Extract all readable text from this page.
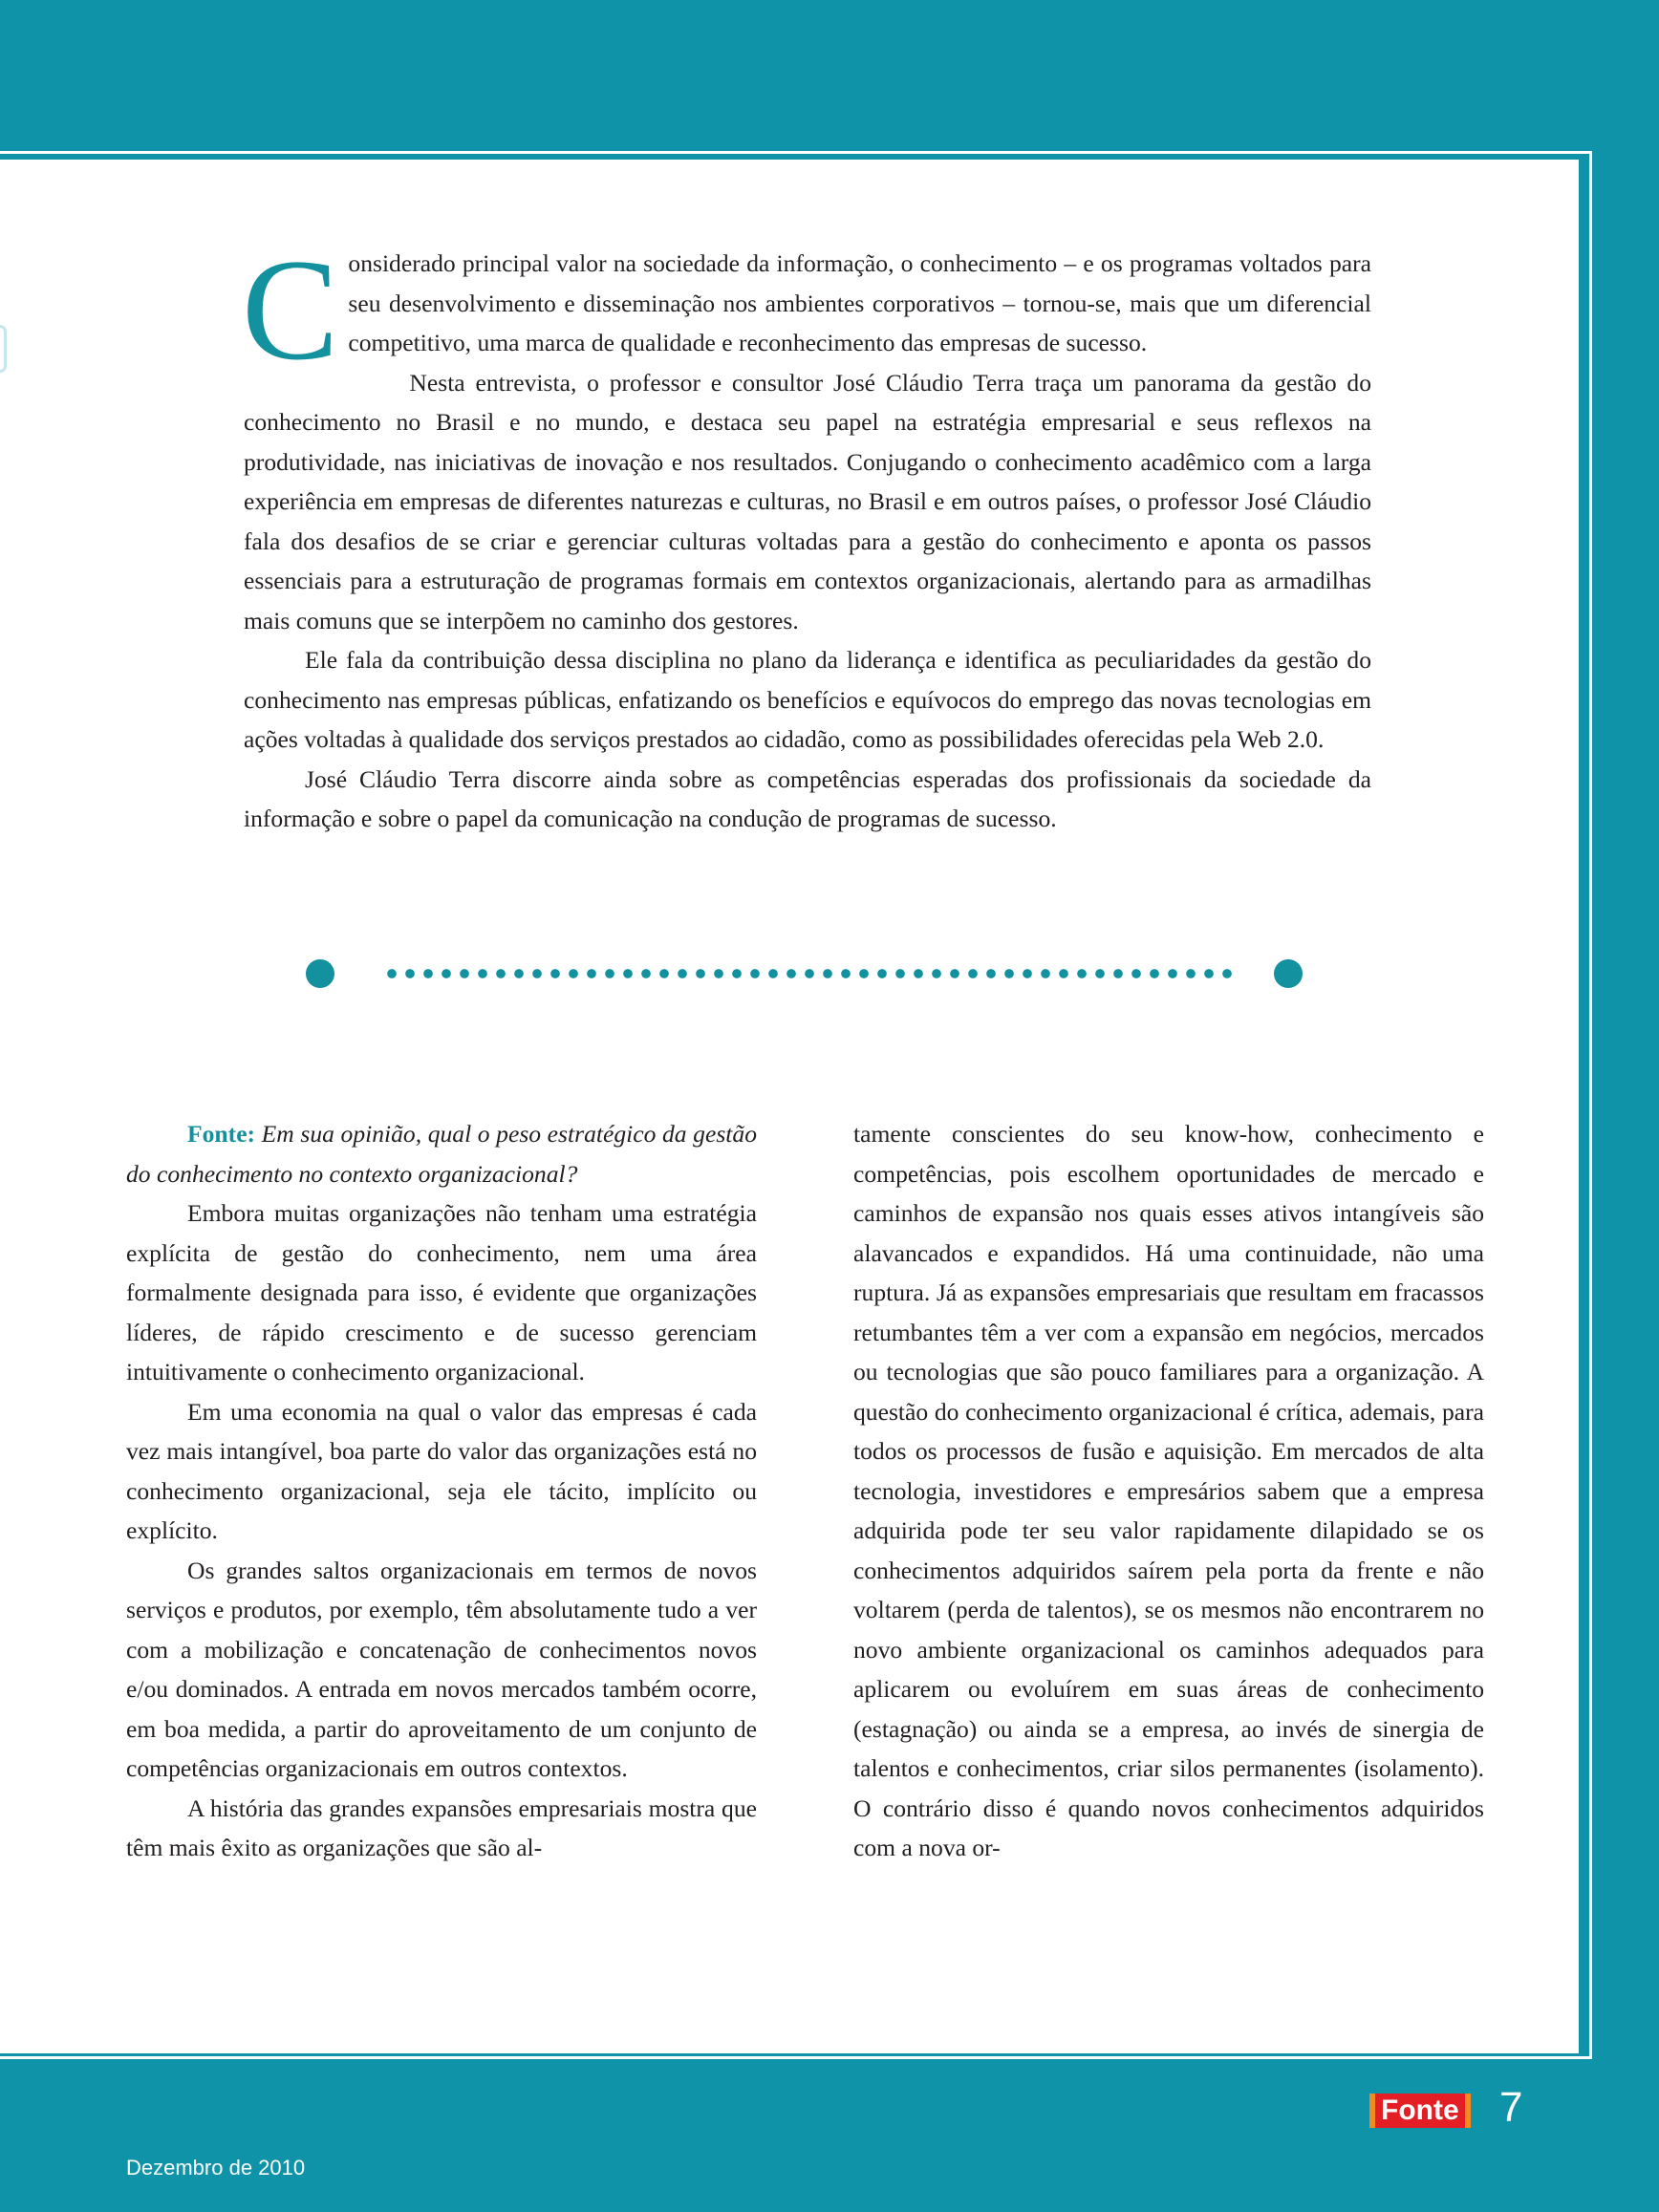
Considerado principal valor na sociedade da informação, o conhecimento – e os programas voltados para seu desenvolvimento e disseminação nos ambientes corporativos – tornou-se, mais que um diferencial competitivo, uma marca de qualidade e reconhecimento das empresas de sucesso.

Nesta entrevista, o professor e consultor José Cláudio Terra traça um panorama da gestão do conhecimento no Brasil e no mundo, e destaca seu papel na estratégia empresarial e seus reflexos na produtividade, nas iniciativas de inovação e nos resultados. Conjugando o conhecimento acadêmico com a larga experiência em empresas de diferentes naturezas e culturas, no Brasil e em outros países, o professor José Cláudio fala dos desafios de se criar e gerenciar culturas voltadas para a gestão do conhecimento e aponta os passos essenciais para a estruturação de programas formais em contextos organizacionais, alertando para as armadilhas mais comuns que se interpõem no caminho dos gestores.

Ele fala da contribuição dessa disciplina no plano da liderança e identifica as peculiaridades da gestão do conhecimento nas empresas públicas, enfatizando os benefícios e equívocos do emprego das novas tecnologias em ações voltadas à qualidade dos serviços prestados ao cidadão, como as possibilidades oferecidas pela Web 2.0.

José Cláudio Terra discorre ainda sobre as competências esperadas dos profissionais da sociedade da informação e sobre o papel da comunicação na condução de programas de sucesso.

Fonte: Em sua opinião, qual o peso estratégico da gestão do conhecimento no contexto organizacional?

Embora muitas organizações não tenham uma estratégia explícita de gestão do conhecimento, nem uma área formalmente designada para isso, é evidente que organizações líderes, de rápido crescimento e de sucesso gerenciam intuitivamente o conhecimento organizacional.

Em uma economia na qual o valor das empresas é cada vez mais intangível, boa parte do valor das organizações está no conhecimento organizacional, seja ele tácito, implícito ou explícito.

Os grandes saltos organizacionais em termos de novos serviços e produtos, por exemplo, têm absolutamente tudo a ver com a mobilização e concatenação de conhecimentos novos e/ou dominados. A entrada em novos mercados também ocorre, em boa medida, a partir do aproveitamento de um conjunto de competências organizacionais em outros contextos.

A história das grandes expansões empresariais mostra que têm mais êxito as organizações que são al-

tamente conscientes do seu know-how, conhecimento e competências, pois escolhem oportunidades de mercado e caminhos de expansão nos quais esses ativos intangíveis são alavancados e expandidos. Há uma continuidade, não uma ruptura. Já as expansões empresariais que resultam em fracassos retumbantes têm a ver com a expansão em negócios, mercados ou tecnologias que são pouco familiares para a organização. A questão do conhecimento organizacional é crítica, ademais, para todos os processos de fusão e aquisição. Em mercados de alta tecnologia, investidores e empresários sabem que a empresa adquirida pode ter seu valor rapidamente dilapidado se os conhecimentos adquiridos saírem pela porta da frente e não voltarem (perda de talentos), se os mesmos não encontrarem no novo ambiente organizacional os caminhos adequados para aplicarem ou evoluírem em suas áreas de conhecimento (estagnação) ou ainda se a empresa, ao invés de sinergia de talentos e conhecimentos, criar silos permanentes (isolamento). O contrário disso é quando novos conhecimentos adquiridos com a nova or-

Dezembro de 2010
Fonte 7
